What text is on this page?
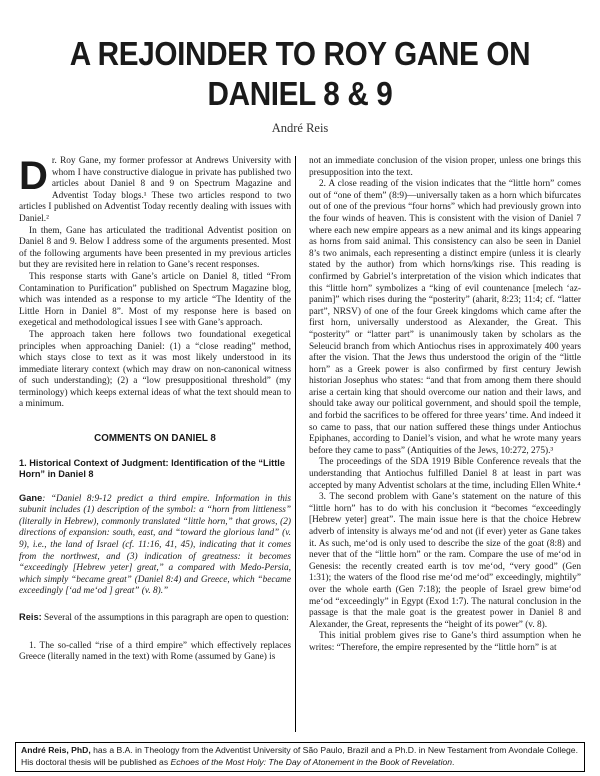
A REJOINDER TO ROY GANE ON
DANIEL 8 & 9
André Reis

Dr. Roy Gane, my former professor at Andrews University with whom I have constructive dialogue in private has published two articles about Daniel 8 and 9 on Spectrum Magazine and Adventist Today blogs.¹ These two articles respond to two articles I published on Adventist Today recently dealing with issues with Daniel.²

In them, Gane has articulated the traditional Adventist position on Daniel 8 and 9. Below I address some of the arguments presented. Most of the following arguments have been presented in my previous articles but they are revisited here in relation to Gane’s recent responses.

This response starts with Gane’s article on Daniel 8, titled “From Contamination to Purification” published on Spectrum Magazine blog, which was intended as a response to my article “The Identity of the Little Horn in Daniel 8”. Most of my response here is based on exegetical and methodological issues I see with Gane’s approach.

The approach taken here follows two foundational exegetical principles when approaching Daniel: (1) a “close reading” method, which stays close to text as it was most likely understood in its immediate literary context (which may draw on non-canonical witness of such understanding); (2) a “low presuppositional threshold” (my terminology) which keeps external ideas of what the text should mean to a minimum.

COMMENTS ON DANIEL 8
1. Historical Context of Judgment: Identification of the “Little Horn” in Daniel 8

Gane: “Daniel 8:9-12 predict a third empire. Information in this subunit includes (1) description of the symbol: a “horn from littleness” (literally in Hebrew), commonly translated “little horn,” that grows, (2) directions of expansion: south, east, and “toward the glorious land” (v. 9), i.e., the land of Israel (cf. 11:16, 41, 45), indicating that it comes from the northwest, and (3) indication of greatness: it becomes “exceedingly [Hebrew yeter] great,” a compared with Medo-Persia, which simply “became great” (Daniel 8:4) and Greece, which “became exceedingly [‘ad me‘od ] great” (v. 8).”

Reis: Several of the assumptions in this paragraph are open to question:

1. The so-called “rise of a third empire” which effectively replaces Greece (literally named in the text) with Rome (assumed by Gane) is

not an immediate conclusion of the vision proper, unless one brings this presupposition into the text.

2. A close reading of the vision indicates that the “little horn” comes out of “one of them” (8:9)—universally taken as a horn which bifurcates out of one of the previous “four horns” which had previously grown into the four winds of heaven. This is consistent with the vision of Daniel 7 where each new empire appears as a new animal and its kings appearing as horns from said animal. This consistency can also be seen in Daniel 8’s two animals, each representing a distinct empire (unless it is clearly stated by the author) from which horns/kings rise. This reading is confirmed by Gabriel’s interpretation of the vision which indicates that this “little horn” symbolizes a “king of evil countenance [melech ‘az-panim]” which rises during the “posterity” (aharit, 8:23; 11:4; cf. “latter part”, NRSV) of one of the four Greek kingdoms which came after the first horn, universally understood as Alexander, the Great. This “posterity” or “latter part” is unanimously taken by scholars as the Seleucid branch from which Antiochus rises in approximately 400 years after the vision. That the Jews thus understood the origin of the “little horn” as a Greek power is also confirmed by first century Jewish historian Josephus who states: “and that from among them there should arise a certain king that should overcome our nation and their laws, and should take away our political government, and should spoil the temple, and forbid the sacrifices to be offered for three years’ time. And indeed it so came to pass, that our nation suffered these things under Antiochus Epiphanes, according to Daniel’s vision, and what he wrote many years before they came to pass” (Antiquities of the Jews, 10:272, 275).³

The proceedings of the SDA 1919 Bible Conference reveals that the understanding that Antiochus fulfilled Daniel 8 at least in part was accepted by many Adventist scholars at the time, including Ellen White.⁴

3. The second problem with Gane’s statement on the nature of this “little horn” has to do with his conclusion it “becomes “exceedingly [Hebrew yeter] great”. The main issue here is that the choice Hebrew adverb of intensity is always me‘od and not (if ever) yeter as Gane takes it. As such, me‘od is only used to describe the size of the goat (8:8) and never that of the “little horn” or the ram. Compare the use of me‘od in Genesis: the recently created earth is tov me‘od, “very good” (Gen 1:31); the waters of the flood rise me‘od me‘od” exceedingly, mightily” over the whole earth (Gen 7:18); the people of Israel grew bime‘od me‘od “exceedingly” in Egypt (Exod 1:7). The natural conclusion in the passage is that the male goat is the greatest power in Daniel 8 and Alexander, the Great, represents the “height of its power” (v. 8).

This initial problem gives rise to Gane’s third assumption when he writes: “Therefore, the empire represented by the “little horn” is at

André Reis, PhD, has a B.A. in Theology from the Adventist University of São Paulo, Brazil and a Ph.D. in New Testament from Avondale College. His doctoral thesis will be published as Echoes of the Most Holy: The Day of Atonement in the Book of Revelation.
